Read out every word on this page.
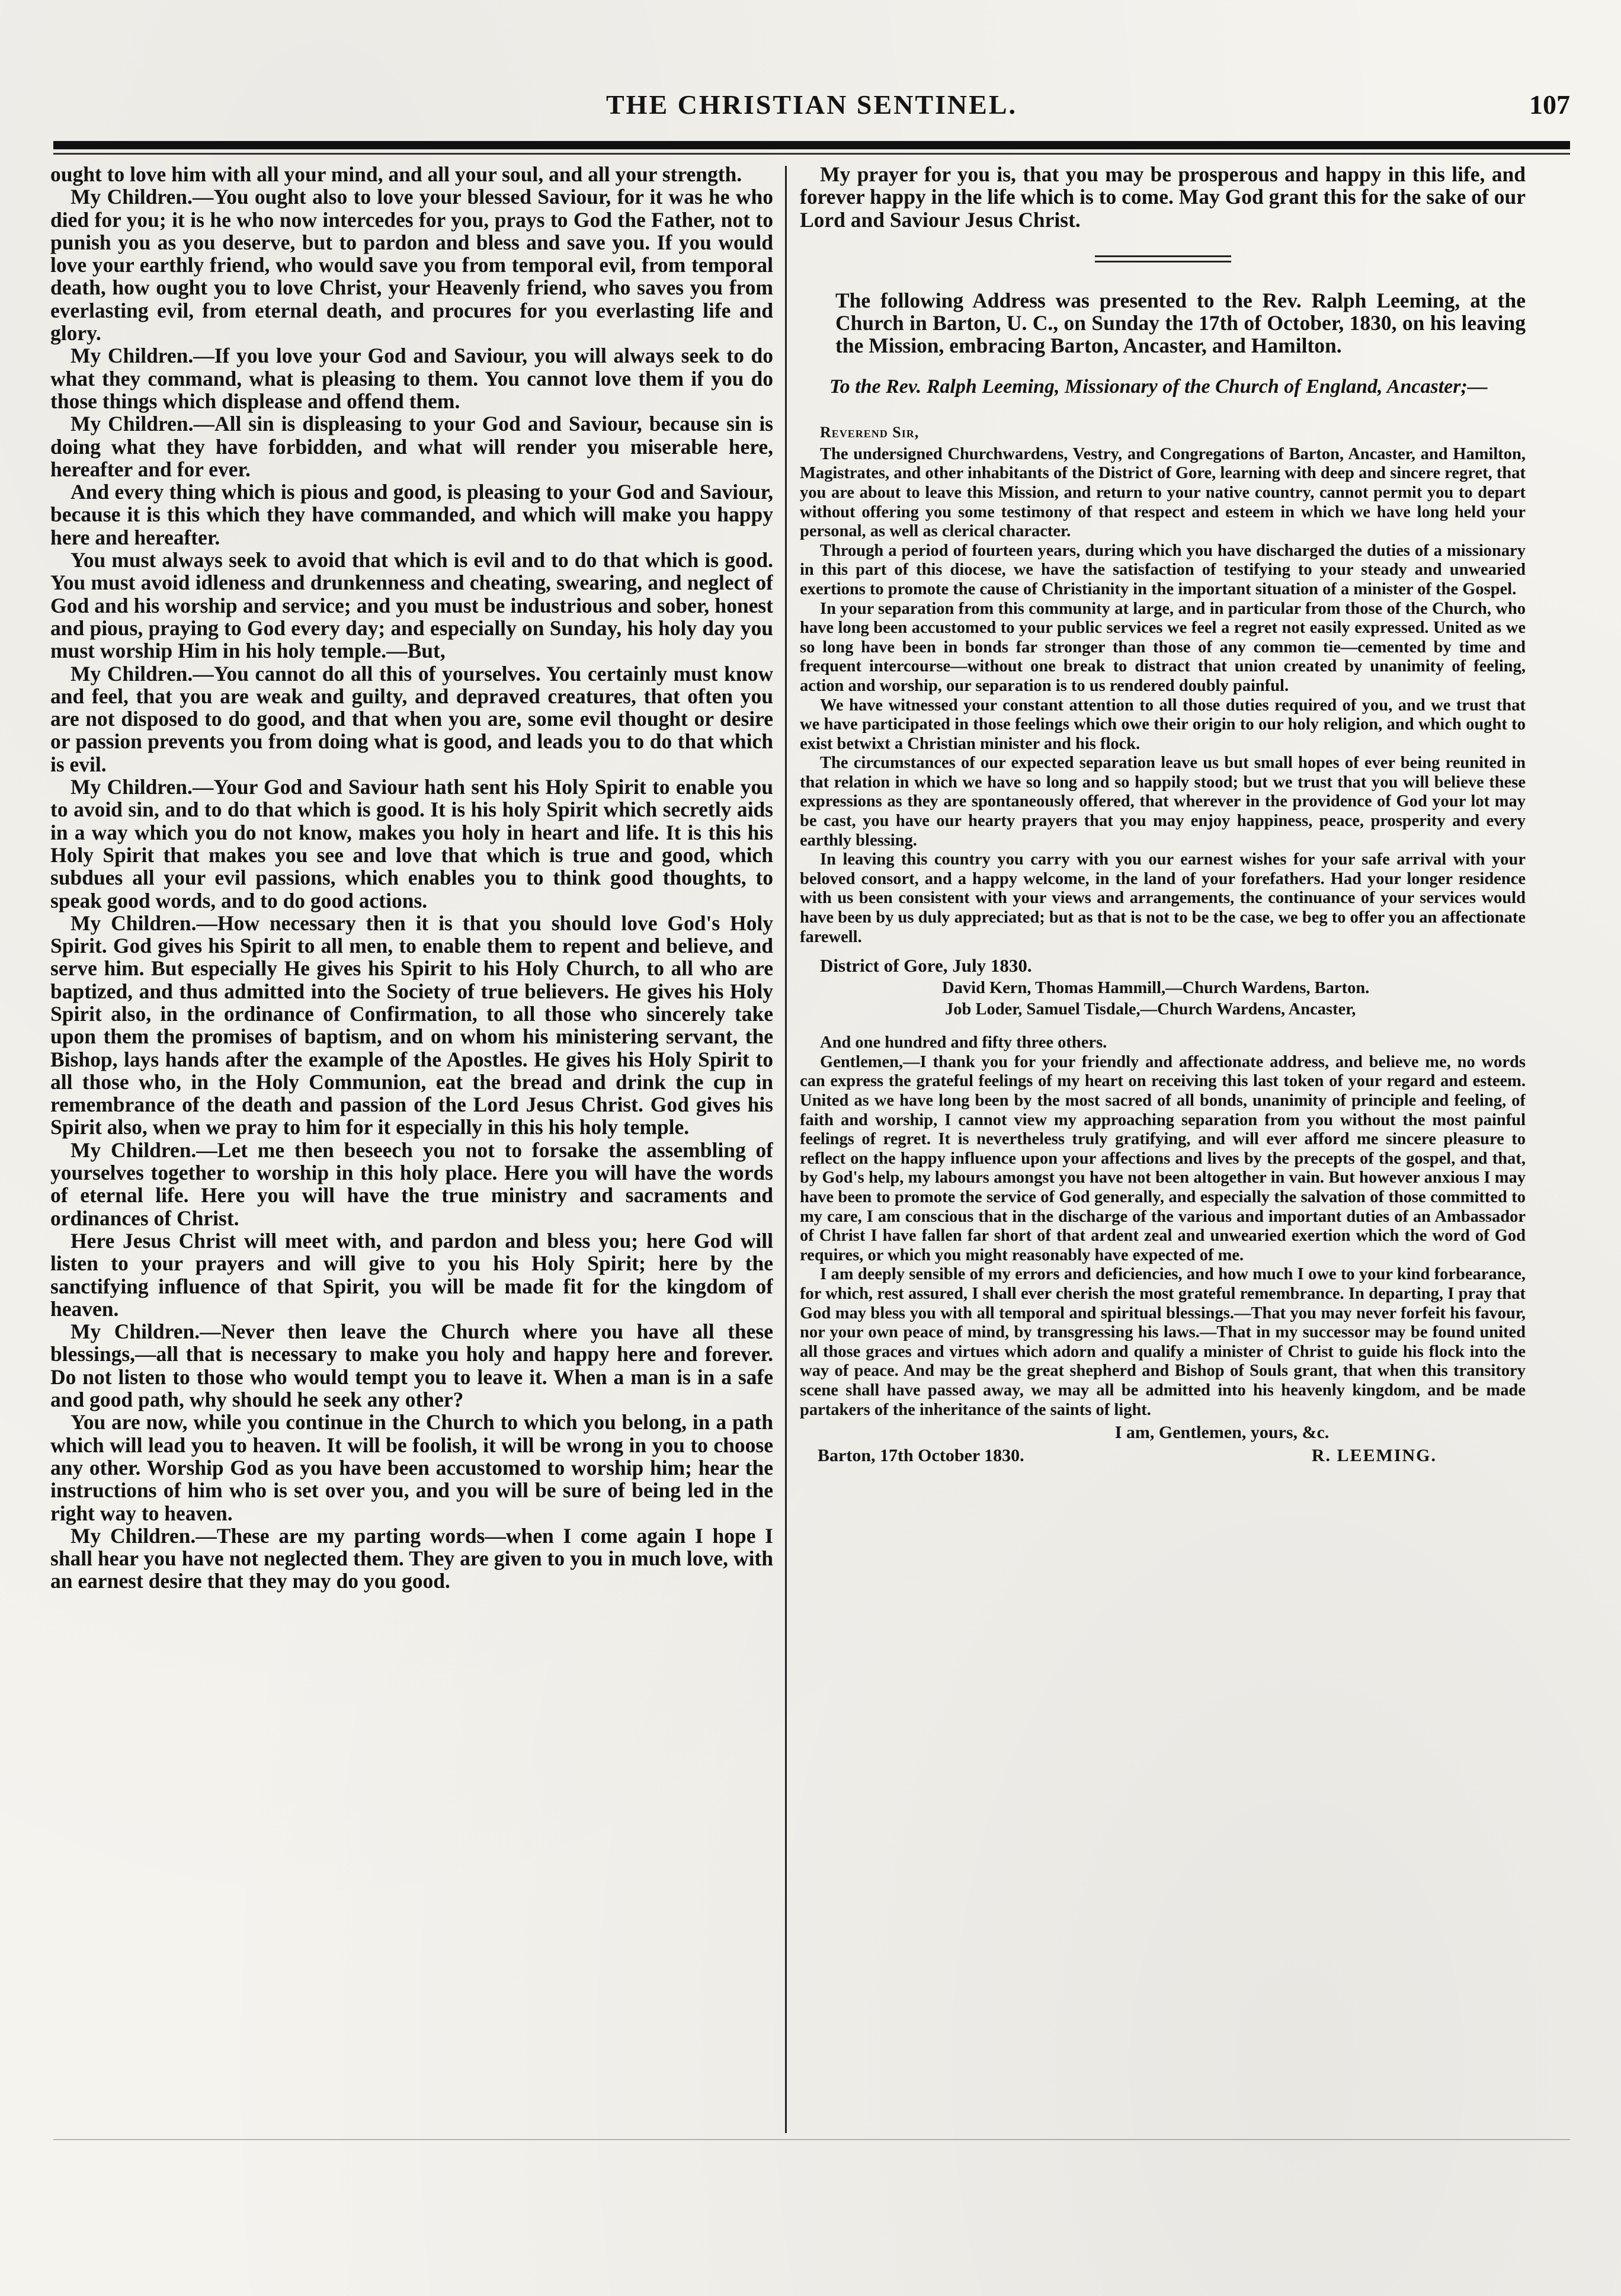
THE CHRISTIAN SENTINEL.	107

ought to love him with all your mind, and all your soul, and all your strength.

My Children.—You ought also to love your blessed Saviour, for it was he who died for you; it is he who now intercedes for you, prays to God the Father, not to punish you as you deserve, but to pardon and bless and save you. If you would love your earthly friend, who would save you from temporal evil, from temporal death, how ought you to love Christ, your Heavenly friend, who saves you from everlasting evil, from eternal death, and procures for you everlasting life and glory.

My Children.—If you love your God and Saviour, you will always seek to do what they command, what is pleasing to them. You cannot love them if you do those things which displease and offend them.

My Children.—All sin is displeasing to your God and Saviour, because sin is doing what they have forbidden, and what will render you miserable here, hereafter and for ever.

And every thing which is pious and good, is pleasing to your God and Saviour, because it is this which they have commanded, and which will make you happy here and hereafter.

You must always seek to avoid that which is evil and to do that which is good. You must avoid idleness and drunkenness and cheating, swearing, and neglect of God and his worship and service; and you must be industrious and sober, honest and pious, praying to God every day; and especially on Sunday, his holy day you must worship Him in his holy temple.—But,

My Children.—You cannot do all this of yourselves. You certainly must know and feel, that you are weak and guilty, and depraved creatures, that often you are not disposed to do good, and that when you are, some evil thought or desire or passion prevents you from doing what is good, and leads you to do that which is evil.

My Children.—Your God and Saviour hath sent his Holy Spirit to enable you to avoid sin, and to do that which is good. It is his holy Spirit which secretly aids in a way which you do not know, makes you holy in heart and life. It is this his Holy Spirit that makes you see and love that which is true and good, which subdues all your evil passions, which enables you to think good thoughts, to speak good words, and to do good actions.

My Children.—How necessary then it is that you should love God's Holy Spirit. God gives his Spirit to all men, to enable them to repent and believe, and serve him. But especially He gives his Spirit to his Holy Church, to all who are baptized, and thus admitted into the Society of true believers. He gives his Holy Spirit also, in the ordinance of Confirmation, to all those who sincerely take upon them the promises of baptism, and on whom his ministering servant, the Bishop, lays hands after the example of the Apostles. He gives his Holy Spirit to all those who, in the Holy Communion, eat the bread and drink the cup in remembrance of the death and passion of the Lord Jesus Christ. God gives his Spirit also, when we pray to him for it especially in this his holy temple.

My Children.—Let me then beseech you not to forsake the assembling of yourselves together to worship in this holy place. Here you will have the words of eternal life. Here you will have the true ministry and sacraments and ordinances of Christ.

Here Jesus Christ will meet with, and pardon and bless you; here God will listen to your prayers and will give to you his Holy Spirit; here by the sanctifying influence of that Spirit, you will be made fit for the kingdom of heaven.

My Children.—Never then leave the Church where you have all these blessings,—all that is necessary to make you holy and happy here and forever. Do not listen to those who would tempt you to leave it. When a man is in a safe and good path, why should he seek any other?

You are now, while you continue in the Church to which you belong, in a path which will lead you to heaven. It will be foolish, it will be wrong in you to choose any other. Worship God as you have been accustomed to worship him; hear the instructions of him who is set over you, and you will be sure of being led in the right way to heaven.

My Children.—These are my parting words—when I come again I hope I shall hear you have not neglected them. They are given to you in much love, with an earnest desire that they may do you good.

My prayer for you is, that you may be prosperous and happy in this life, and forever happy in the life which is to come. May God grant this for the sake of our Lord and Saviour Jesus Christ.

The following Address was presented to the Rev. Ralph Leeming, at the Church in Barton, U. C., on Sunday the 17th of October, 1830, on his leaving the Mission, embracing Barton, Ancaster, and Hamilton.

To the Rev. Ralph Leeming, Missionary of the Church of England, Ancaster;—

Reverend Sir,

The undersigned Churchwardens, Vestry, and Congregations of Barton, Ancaster, and Hamilton, Magistrates, and other inhabitants of the District of Gore, learning with deep and sincere regret, that you are about to leave this Mission, and return to your native country, cannot permit you to depart without offering you some testimony of that respect and esteem in which we have long held your personal, as well as clerical character.

Through a period of fourteen years, during which you have discharged the duties of a missionary in this part of this diocese, we have the satisfaction of testifying to your steady and unwearied exertions to promote the cause of Christianity in the important situation of a minister of the Gospel.

In your separation from this community at large, and in particular from those of the Church, who have long been accustomed to your public services we feel a regret not easily expressed. United as we so long have been in bonds far stronger than those of any common tie—cemented by time and frequent intercourse—without one break to distract that union created by unanimity of feeling, action and worship, our separation is to us rendered doubly painful.

We have witnessed your constant attention to all those duties required of you, and we trust that we have participated in those feelings which owe their origin to our holy religion, and which ought to exist betwixt a Christian minister and his flock.

The circumstances of our expected separation leave us but small hopes of ever being reunited in that relation in which we have so long and so happily stood; but we trust that you will believe these expressions as they are spontaneously offered, that wherever in the providence of God your lot may be cast, you have our hearty prayers that you may enjoy happiness, peace, prosperity and every earthly blessing.

In leaving this country you carry with you our earnest wishes for your safe arrival with your beloved consort, and a happy welcome, in the land of your forefathers. Had your longer residence with us been consistent with your views and arrangements, the continuance of your services would have been by us duly appreciated; but as that is not to be the case, we beg to offer you an affectionate farewell.

District of Gore, July 1830.

David Kern, Thomas Hammill,—Church Wardens, Barton.

Job Loder, Samuel Tisdale,—Church Wardens, Ancaster,

And one hundred and fifty three others.

Gentlemen,—I thank you for your friendly and affectionate address, and believe me, no words can express the grateful feelings of my heart on receiving this last token of your regard and esteem. United as we have long been by the most sacred of all bonds, unanimity of principle and feeling, of faith and worship, I cannot view my approaching separation from you without the most painful feelings of regret. It is nevertheless truly gratifying, and will ever afford me sincere pleasure to reflect on the happy influence upon your affections and lives by the precepts of the gospel, and that, by God's help, my labours amongst you have not been altogether in vain. But however anxious I may have been to promote the service of God generally, and especially the salvation of those committed to my care, I am conscious that in the discharge of the various and important duties of an Ambassador of Christ I have fallen far short of that ardent zeal and unwearied exertion which the word of God requires, or which you might reasonably have expected of me.

I am deeply sensible of my errors and deficiencies, and how much I owe to your kind forbearance, for which, rest assured, I shall ever cherish the most grateful remembrance. In departing, I pray that God may bless you with all temporal and spiritual blessings.—That you may never forfeit his favour, nor your own peace of mind, by transgressing his laws.—That in my successor may be found united all those graces and virtues which adorn and qualify a minister of Christ to guide his flock into the way of peace. And may be the great shepherd and Bishop of Souls grant, that when this transitory scene shall have passed away, we may all be admitted into his heavenly kingdom, and be made partakers of the inheritance of the saints of light.

I am, Gentlemen, yours, &c.
Barton, 17th October 1830.	R. LEEMING.
